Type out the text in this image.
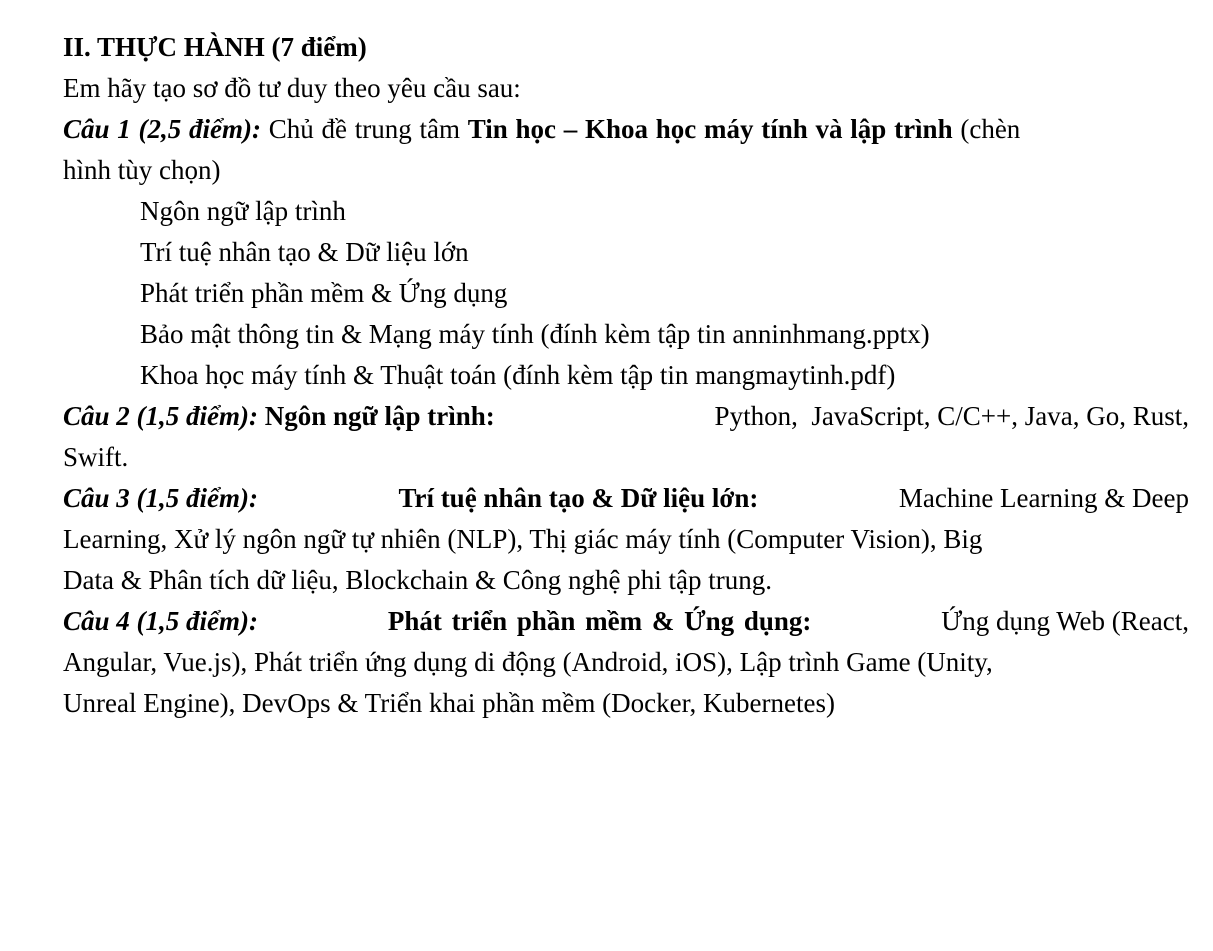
II. THỰC HÀNH (7 điểm)
Em hãy tạo sơ đồ tư duy theo yêu cầu sau:
Câu 1 (2,5 điểm): Chủ đề trung tâm Tin học – Khoa học máy tính và lập trình (chèn
hình tùy chọn)
Ngôn ngữ lập trình
Trí tuệ nhân tạo & Dữ liệu lớn
Phát triển phần mềm & Ứng dụng
Bảo mật thông tin & Mạng máy tính (đính kèm tập tin anninhmang.pptx)
Khoa học máy tính & Thuật toán (đính kèm tập tin mangmaytinh.pdf)
Câu 2 (1,5 điểm): Ngôn ngữ lập trình:	Python,  JavaScript, C/C++, Java, Go, Rust,
Swift.
Câu 3 (1,5 điểm):	Trí tuệ nhân tạo & Dữ liệu lớn:	Machine Learning & Deep
Learning, Xử lý ngôn ngữ tự nhiên (NLP), Thị giác máy tính (Computer Vision), Big
Data & Phân tích dữ liệu, Blockchain & Công nghệ phi tập trung.
Câu 4 (1,5 điểm):	Phát triển phần mềm & Ứng dụng:	Ứng dụng Web (React,
Angular, Vue.js), Phát triển ứng dụng di động (Android, iOS), Lập trình Game (Unity,
Unreal Engine), DevOps & Triển khai phần mềm (Docker, Kubernetes)
